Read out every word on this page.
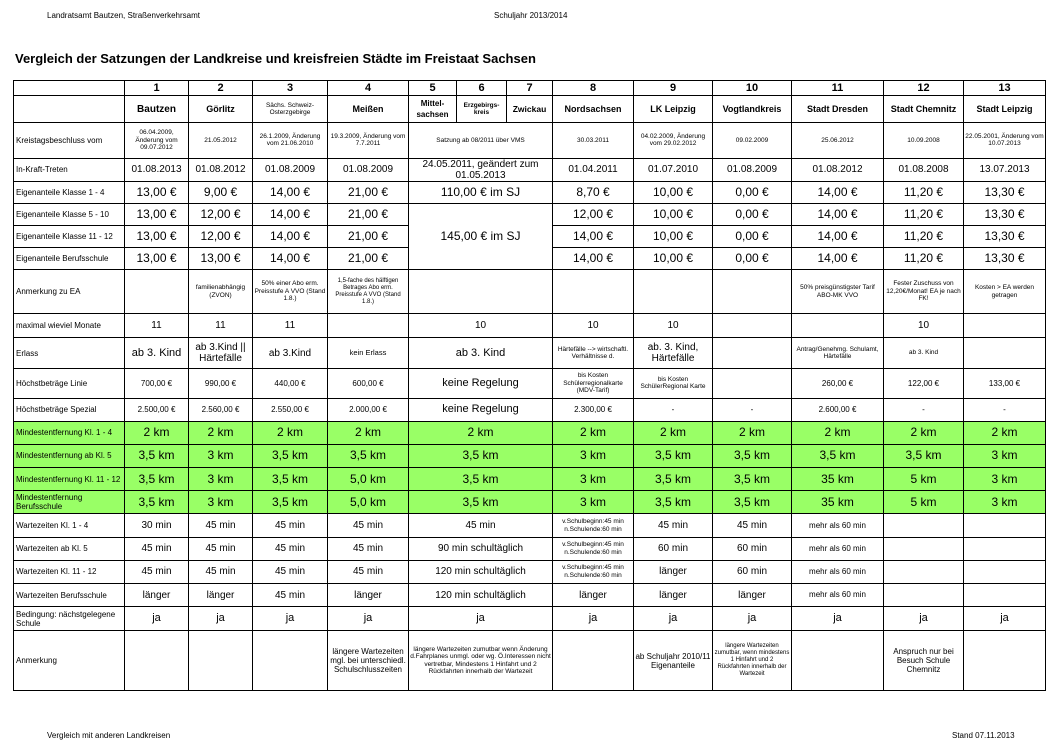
Landratsamt Bautzen, Straßenverkehrsamt	Schuljahr 2013/2014
Vergleich der Satzungen der Landkreise und kreisfreien Städte im Freistaat Sachsen
	1	2	3	4	5	6	7	8	9	10	11	12	13
	Bautzen	Görlitz	Sächs. Schweiz-Osterzgebirge	Meißen	Mittel-sachsen	Erzgebirgs-kreis	Zwickau	Nordsachsen	LK Leipzig	Vogtlandkreis	Stadt Dresden	Stadt Chemnitz	Stadt Leipzig
Kreistagsbeschluss vom	06.04.2009, Änderung vom 09.07.2012	21.05.2012	26.1.2009, Änderung vom 21.06.2010	19.3.2009, Änderung vom 7.7.2011	Satzung ab 08/2011 über VMS			30.03.2011	04.02.2009, Änderung vom 29.02.2012	09.02.2009	25.06.2012	10.09.2008	22.05.2001, Änderung vom 10.07.2013
In-Kraft-Treten	01.08.2013	01.08.2012	01.08.2009	01.08.2009	24.05.2011, geändert zum 01.05.2013			01.04.2011	01.07.2010	01.08.2009	01.08.2012	01.08.2008	13.07.2013
Eigenanteile Klasse 1 - 4	13,00 €	9,00 €	14,00 €	21,00 €	110,00 € im SJ			8,70 €	10,00 €	0,00 €	14,00 €	11,20 €	13,30 €
Eigenanteile Klasse 5 - 10	13,00 €	12,00 €	14,00 €	21,00 €	145,00 € im SJ			12,00 €	10,00 €	0,00 €	14,00 €	11,20 €	13,30 €
Eigenanteile Klasse 11 - 12	13,00 €	12,00 €	14,00 €	21,00 €				14,00 €	10,00 €	0,00 €	14,00 €	11,20 €	13,30 €
Eigenanteile Berufsschule	13,00 €	13,00 €	14,00 €	21,00 €				14,00 €	10,00 €	0,00 €	14,00 €	11,20 €	13,30 €
Anmerkung zu EA		familienabhängig (ZVON)	50% einer Abo erm. Preisstufe A VVO (Stand 1.8.)	1,5-fache des hälftigen Betrages Abo erm. Preisstufe A VVO (Stand 1.8.)							50% preisgünstigster Tarif ABO-MK VVO	Fester Zuschuss von 12,20€/Monat! EA je nach FK!	Kosten > EA werden getragen
maximal wieviel Monate	11	11	11		10			10	10			10	
Erlass	ab 3. Kind	ab 3.Kind || Härtefälle	ab 3.Kind	kein Erlass	ab 3. Kind			Härtefälle --> wirtschaftl. Verhältnisse d.	ab. 3. Kind, Härtefälle		Antrag/Genehmg. Schulamt, Härtefälle	ab 3. Kind	
Höchstbeträge Linie	700,00 €	990,00 €	440,00 €	600,00 €	keine Regelung			bis Kosten Schülerregionalkarte (MDV-Tarif)	bis Kosten SchülerRegional Karte		260,00 €	122,00 €	133,00 €
Höchstbeträge Spezial	2.500,00 €	2.560,00 €	2.550,00 €	2.000,00 €	keine Regelung			2.300,00 €	-	-	2.600,00 €	-	-
Mindestentfernung Kl. 1 - 4	2 km	2 km	2 km	2 km	2 km			2 km	2 km	2 km	2 km	2 km	2 km
Mindestentfernung ab Kl. 5	3,5 km	3 km	3,5 km	3,5 km	3,5 km			3 km	3,5 km	3,5 km	3,5 km	3,5 km	3 km
Mindestentfernung Kl. 11 - 12	3,5 km	3 km	3,5 km	5,0 km	3,5 km			3 km	3,5 km	3,5 km	35 km	5 km	3 km
Mindestentfernung Berufsschule	3,5 km	3 km	3,5 km	5,0 km	3,5 km			3 km	3,5 km	3,5 km	35 km	5 km	3 km
Wartezeiten Kl. 1 - 4	30 min	45 min	45 min	45 min	45 min			v.Schulbeginn:45 min n.Schulende:60 min	45 min	45 min	mehr als 60 min		
Wartezeiten ab Kl. 5	45 min	45 min	45 min	45 min	90 min schultäglich			v.Schulbeginn:45 min n.Schulende:60 min	60 min	60 min	mehr als 60 min		
Wartezeiten Kl. 11 - 12	45 min	45 min	45 min	45 min	120 min schultäglich			v.Schulbeginn:45 min n.Schulende:60 min	länger	60 min	mehr als 60 min		
Wartezeiten Berufsschule	länger	länger	45 min	länger	120 min schultäglich			länger	länger	länger	mehr als 60 min		
Bedingung: nächstgelegene Schule	ja	ja	ja	ja	ja			ja	ja	ja	ja	ja	ja
Anmerkung				längere Wartezeiten mgl. bei unterschiedl. Schulschlusszeiten	längere Wartezeiten zumutbar wenn Änderung d.Fahrplanes unmgl. oder wg. Ö.Interessen nicht vertretbar, Mindestens 1 Hinfahrt und 2 Rückfahrten innerhalb der Wartezeit				ab Schuljahr 2010/11 Eigenanteile	längere Wartezeiten zumutbar, wenn mindestens 1 Hinfahrt und 2 Rückfahrten innerhalb der Wartezeit		Anspruch nur bei Besuch Schule Chemnitz	
Vergleich mit anderen Landkreisen	Stand 07.11.2013
